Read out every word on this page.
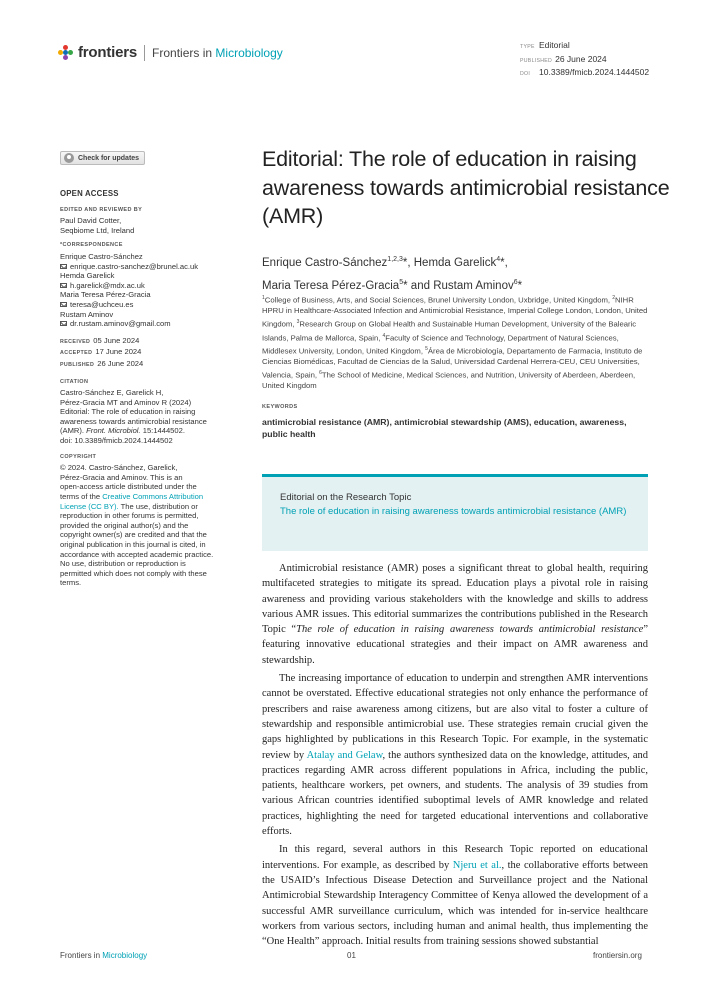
frontiers Frontiers in Microbiology	TYPE Editorial
PUBLISHED 26 June 2024
DOI	10.3389/fmicb.2024.1444502
Check for updates
OPEN ACCESS
EDITED AND REVIEWED BY
Paul David Cotter,
Seqbiome Ltd, Ireland
*CORRESPONDENCE
Enrique Castro-Sánchez
enrique.castro-sanchez@brunel.ac.uk
Hemda Garelick
h.garelick@mdx.ac.uk
Maria Teresa Pérez-Gracia
teresa@uchceu.es
Rustam Aminov
dr.rustam.aminov@gmail.com
RECEIVED 05 June 2024
ACCEPTED 17 June 2024
PUBLISHED 26 June 2024
CITATION
Castro-Sánchez E, Garelick H,
Pérez-Gracia MT and Aminov R (2024)
Editorial: The role of education in raising
awareness towards antimicrobial resistance
(AMR). Front. Microbiol. 15:1444502.
doi: 10.3389/fmicb.2024.1444502
COPYRIGHT
© 2024. Castro-Sánchez, Garelick,
Pérez-Gracia and Aminov. This is an
open-access article distributed under the
terms of the Creative Commons Attribution
License (CC BY). The use, distribution or
reproduction in other forums is permitted,
provided the original author(s) and the
copyright owner(s) are credited and that the
original publication in this journal is cited, in
accordance with accepted academic practice.
No use, distribution or reproduction is
permitted which does not comply with these
terms.
Editorial: The role of education in raising awareness towards antimicrobial resistance (AMR)
Enrique Castro-Sánchez$^{1,2,3}$*, Hemda Garelick$^4$*,
Maria Teresa Pérez-Gracia$^5$* and Rustam Aminov$^6$*
$^1$College of Business, Arts, and Social Sciences, Brunel University London, Uxbridge, United Kingdom, $^2$NIHR HPRU in Healthcare-Associated Infection and Antimicrobial Resistance, Imperial College London, London, United Kingdom, $^3$Research Group on Global Health and Sustainable Human Development, University of the Balearic Islands, Palma de Mallorca, Spain, $^4$Faculty of Science and Technology, Department of Natural Sciences, Middlesex University, London, United Kingdom, $^5$Área de Microbiología, Departamento de Farmacia, Instituto de Ciencias Biomédicas, Facultad de Ciencias de la Salud, Universidad Cardenal Herrera-CEU, CEU Universities, Valencia, Spain, $^6$The School of Medicine, Medical Sciences, and Nutrition, University of Aberdeen, Aberdeen, United Kingdom
KEYWORDS
antimicrobial resistance (AMR), antimicrobial stewardship (AMS), education, awareness, public health
Editorial on the Research Topic
The role of education in raising awareness towards antimicrobial resistance (AMR)

Antimicrobial resistance (AMR) poses a significant threat to global health, requiring multifaceted strategies to mitigate its spread. Education plays a pivotal role in raising awareness and providing various stakeholders with the knowledge and skills to address various AMR issues. This editorial summarizes the contributions published in the Research Topic “The role of education in raising awareness towards antimicrobial resistance” featuring innovative educational strategies and their impact on AMR awareness and stewardship.

The increasing importance of education to underpin and strengthen AMR interventions cannot be overstated. Effective educational strategies not only enhance the performance of prescribers and raise awareness among citizens, but are also vital to foster a culture of stewardship and responsible antimicrobial use. These strategies remain crucial given the gaps highlighted by publications in this Research Topic. For example, in the systematic review by Atalay and Gelaw, the authors synthesized data on the knowledge, attitudes, and practices regarding AMR across different populations in Africa, including the public, patients, healthcare workers, pet owners, and students. The analysis of 39 studies from various African countries identified suboptimal levels of AMR knowledge and related practices, highlighting the need for targeted educational interventions and collaborative efforts.

In this regard, several authors in this Research Topic reported on educational interventions. For example, as described by Njeru et al., the collaborative efforts between the USAID’s Infectious Disease Detection and Surveillance project and the National Antimicrobial Stewardship Interagency Committee of Kenya allowed the development of a successful AMR surveillance curriculum, which was intended for in-service healthcare workers from various sectors, including human and animal health, thus implementing the “One Health” approach. Initial results from training sessions showed substantial

Frontiers in Microbiology	01	frontiersin.org
